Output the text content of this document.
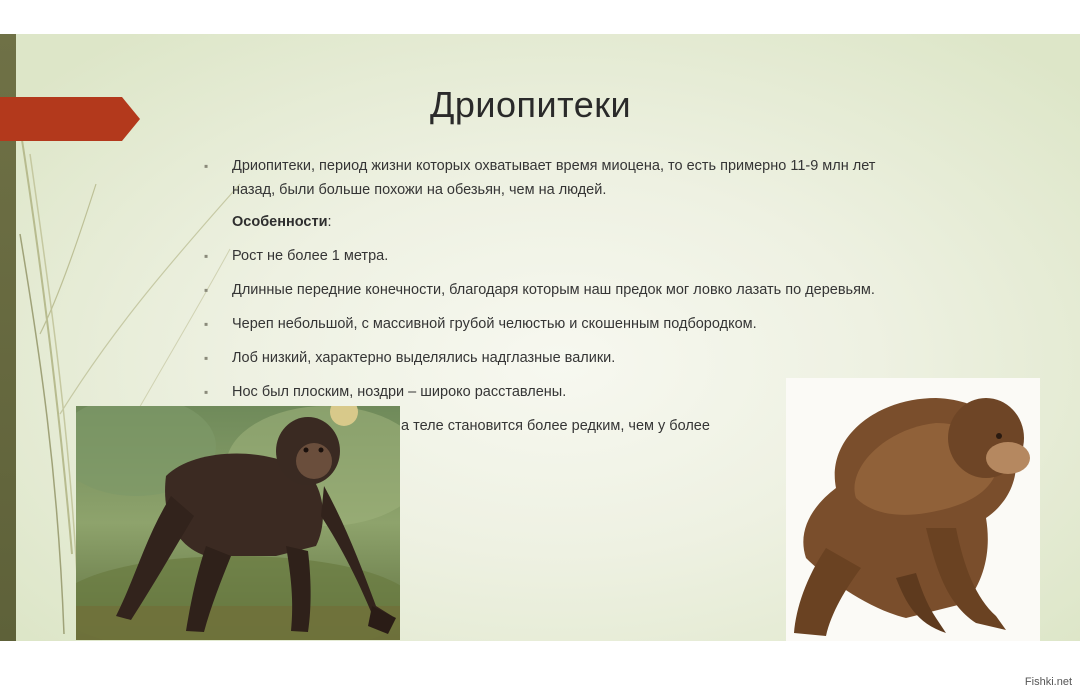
Дриопитеки
▪ Дриопитеки, период жизни которых охватывает время миоцена, то есть примерно 11-9 млн лет
назад, были больше похожи на обезьян, чем на людей.
Особенности:
▪ Рост не более 1 метра.
▪ Длинные передние конечности, благодаря которым наш предок мог ловко лазать по деревьям.
▪ Череп небольшой, с массивной грубой челюстью и скошенным подбородком.
▪ Лоб низкий, характерно выделялись надглазные валики.
▪ Нос был плоским, ноздри – широко расставлены.
а теле становится более редким, чем у более
Fishki.net
